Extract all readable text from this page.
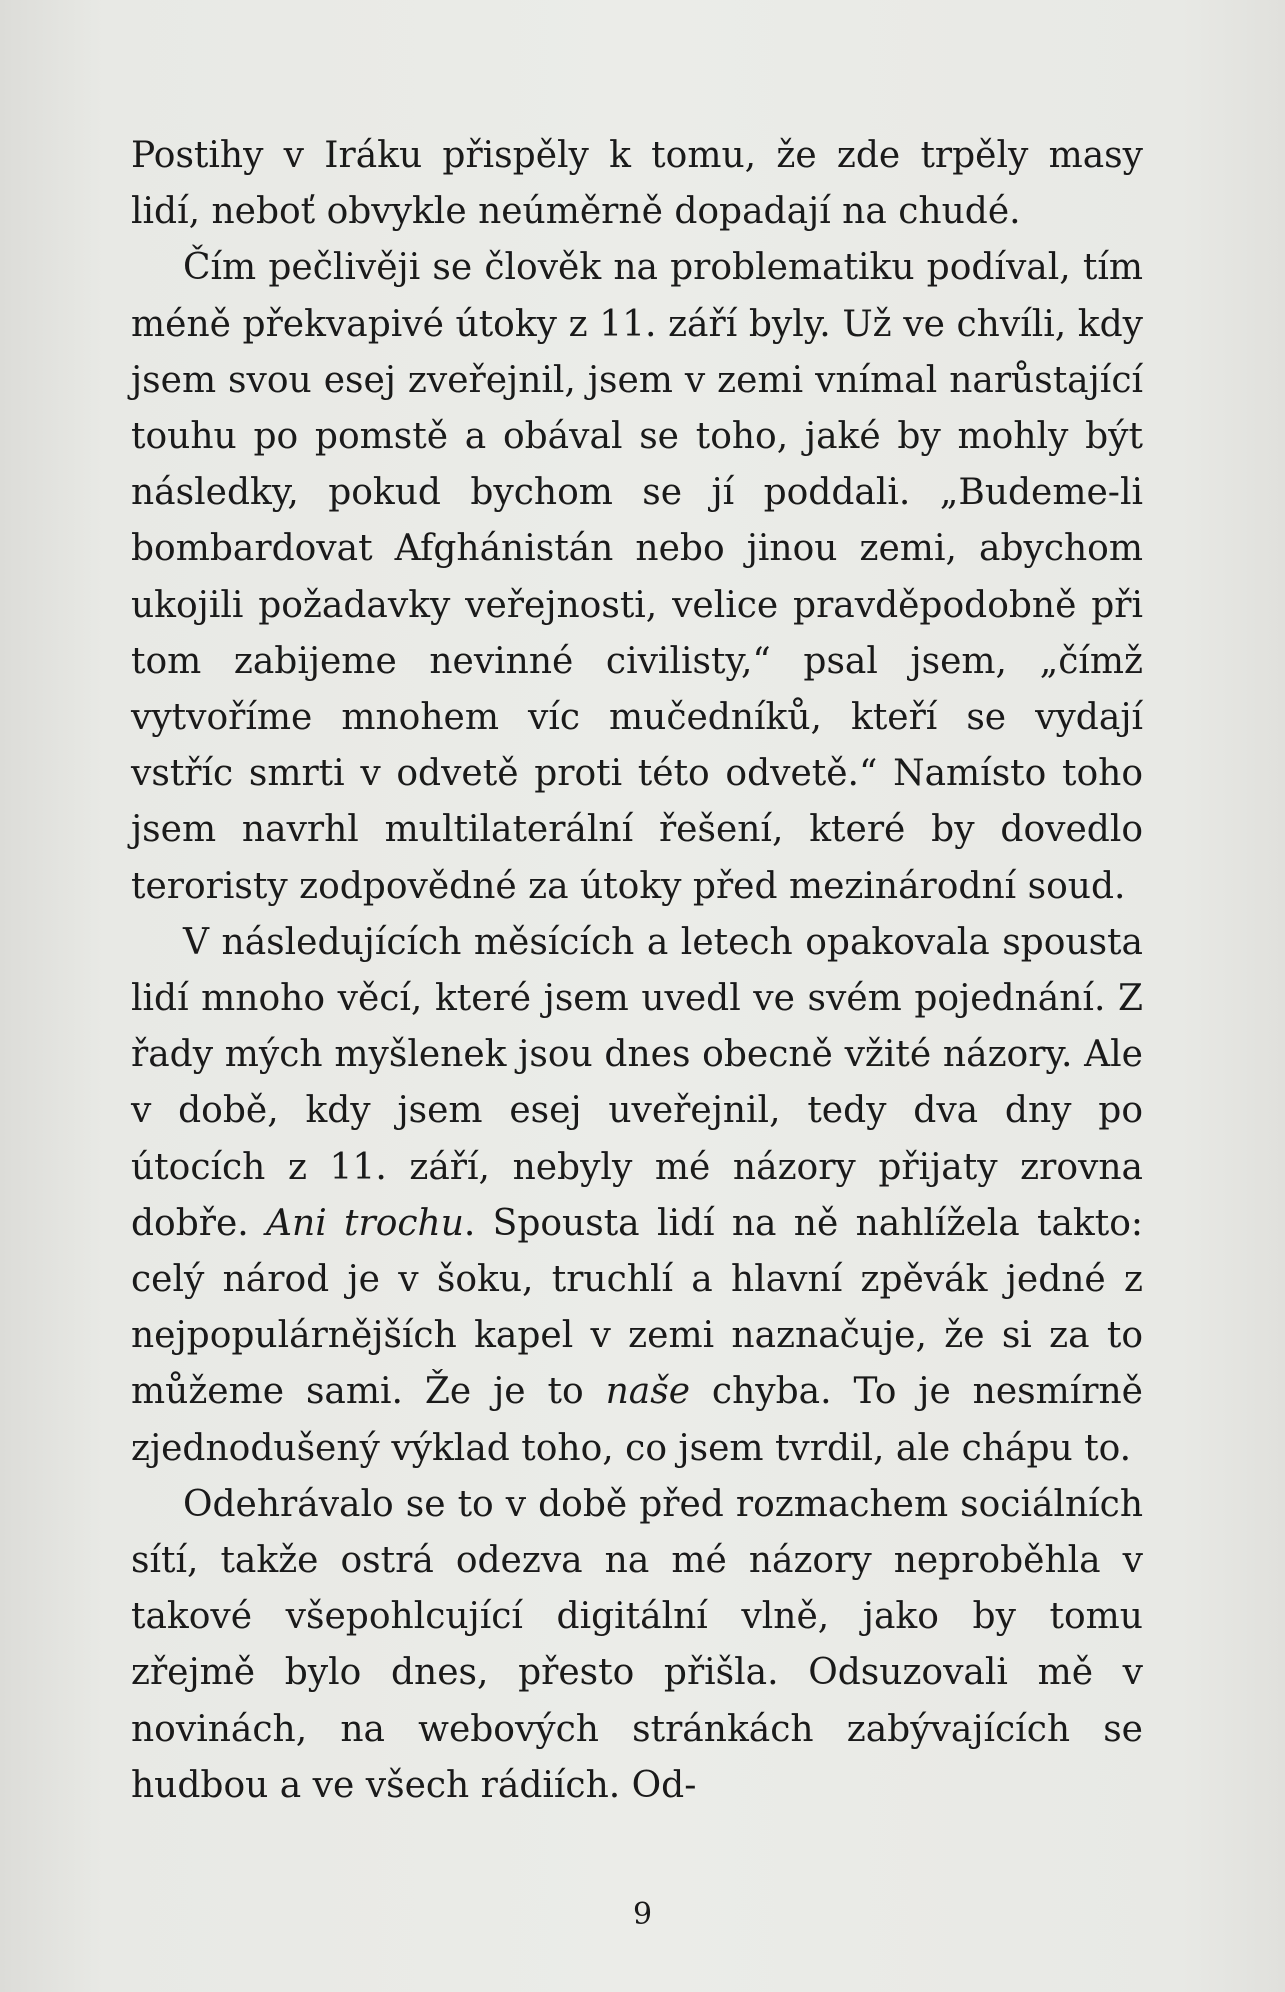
Postihy v Iráku přispěly k tomu, že zde trpěly masy lidí, neboť obvykle neúměrně dopadají na chudé.

Čím pečlivěji se člověk na problematiku podíval, tím méně překvapivé útoky z 11. září byly. Už ve chvíli, kdy jsem svou esej zveřejnil, jsem v zemi vnímal narůstající touhu po pomstě a obával se toho, jaké by mohly být následky, pokud bychom se jí poddali. „Budeme-li bombardovat Afghánistán nebo jinou zemi, abychom ukojili požadavky veřejnosti, velice pravděpodobně při tom zabijeme nevinné civilisty,“ psal jsem, „čímž vytvoříme mnohem víc mučedníků, kteří se vydají vstříc smrti v odvetě proti této odvetě.“ Namísto toho jsem navrhl multilaterální řešení, které by dovedlo teroristy zodpovědné za útoky před mezinárodní soud.

V následujících měsících a letech opakovala spousta lidí mnoho věcí, které jsem uvedl ve svém pojednání. Z řady mých myšlenek jsou dnes obecně vžité názory. Ale v době, kdy jsem esej uveřejnil, tedy dva dny po útocích z 11. září, nebyly mé názory přijaty zrovna dobře. Ani trochu. Spousta lidí na ně nahlížela takto: celý národ je v šoku, truchlí a hlavní zpěvák jedné z nejpopulárnějších kapel v zemi naznačuje, že si za to můžeme sami. Že je to naše chyba. To je nesmírně zjednodušený výklad toho, co jsem tvrdil, ale chápu to.

Odehrávalo se to v době před rozmachem sociálních sítí, takže ostrá odezva na mé názory neproběhla v takové všepohlcující digitální vlně, jako by tomu zřejmě bylo dnes, přesto přišla. Odsuzovali mě v novinách, na webových stránkách zabývajících se hudbou a ve všech rádiích. Od-

9
